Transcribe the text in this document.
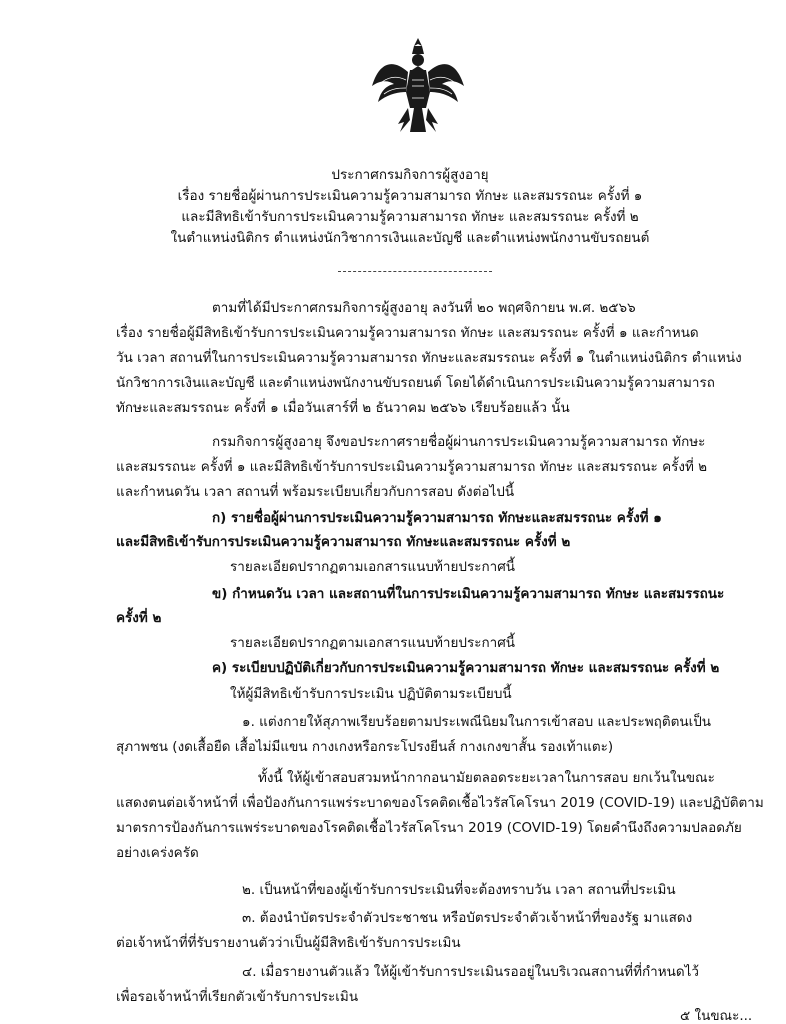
ประกาศกรมกิจการผู้สูงอายุ
เรื่อง รายชื่อผู้ผ่านการประเมินความรู้ความสามารถ ทักษะ และสมรรถนะ ครั้งที่ ๑
และมีสิทธิเข้ารับการประเมินความรู้ความสามารถ ทักษะ และสมรรถนะ ครั้งที่ ๒
ในตำแหน่งนิติกร ตำแหน่งนักวิชาการเงินและบัญชี และตำแหน่งพนักงานขับรถยนต์
ตามที่ได้มีประกาศกรมกิจการผู้สูงอายุ ลงวันที่ ๒๐ พฤศจิกายน พ.ศ. ๒๕๖๖
เรื่อง รายชื่อผู้มีสิทธิเข้ารับการประเมินความรู้ความสามารถ ทักษะ และสมรรถนะ ครั้งที่ ๑ และกำหนด
วัน เวลา สถานที่ในการประเมินความรู้ความสามารถ ทักษะและสมรรถนะ ครั้งที่ ๑ ในตำแหน่งนิติกร ตำแหน่ง
นักวิชาการเงินและบัญชี และตำแหน่งพนักงานขับรถยนต์ โดยได้ดำเนินการประเมินความรู้ความสามารถ
ทักษะและสมรรถนะ ครั้งที่ ๑ เมื่อวันเสาร์ที่ ๒ ธันวาคม ๒๕๖๖ เรียบร้อยแล้ว นั้น
กรมกิจการผู้สูงอายุ จึงขอประกาศรายชื่อผู้ผ่านการประเมินความรู้ความสามารถ ทักษะ
และสมรรถนะ ครั้งที่ ๑ และมีสิทธิเข้ารับการประเมินความรู้ความสามารถ ทักษะ และสมรรถนะ ครั้งที่ ๒
และกำหนดวัน เวลา สถานที่ พร้อมระเบียบเกี่ยวกับการสอบ ดังต่อไปนี้
ก) รายชื่อผู้ผ่านการประเมินความรู้ความสามารถ ทักษะและสมรรถนะ ครั้งที่ ๑
และมีสิทธิเข้ารับการประเมินความรู้ความสามารถ ทักษะและสมรรถนะ ครั้งที่ ๒
รายละเอียดปรากฏตามเอกสารแนบท้ายประกาศนี้
ข) กำหนดวัน เวลา และสถานที่ในการประเมินความรู้ความสามารถ ทักษะ และสมรรถนะ
ครั้งที่ ๒
รายละเอียดปรากฏตามเอกสารแนบท้ายประกาศนี้
ค) ระเบียบปฏิบัติเกี่ยวกับการประเมินความรู้ความสามารถ ทักษะ และสมรรถนะ ครั้งที่ ๒
ให้ผู้มีสิทธิเข้ารับการประเมิน ปฏิบัติตามระเบียบนี้
๑. แต่งกายให้สุภาพเรียบร้อยตามประเพณีนิยมในการเข้าสอบ และประพฤติตนเป็น
สุภาพชน (งดเสื้อยืด เสื้อไม่มีแขน กางเกงหรือกระโปรงยีนส์ กางเกงขาสั้น รองเท้าแตะ)
ทั้งนี้ ให้ผู้เข้าสอบสวมหน้ากากอนามัยตลอดระยะเวลาในการสอบ ยกเว้นในขณะ
แสดงตนต่อเจ้าหน้าที่ เพื่อป้องกันการแพร่ระบาดของโรคติดเชื้อไวรัสโคโรนา 2019 (COVID-19) และปฏิบัติตาม
มาตรการป้องกันการแพร่ระบาดของโรคติดเชื้อไวรัสโคโรนา 2019 (COVID-19) โดยคำนึงถึงความปลอดภัย
อย่างเคร่งครัด
๒. เป็นหน้าที่ของผู้เข้ารับการประเมินที่จะต้องทราบวัน เวลา สถานที่ประเมิน
๓. ต้องนำบัตรประจำตัวประชาชน หรือบัตรประจำตัวเจ้าหน้าที่ของรัฐ มาแสดง
ต่อเจ้าหน้าที่ที่รับรายงานตัวว่าเป็นผู้มีสิทธิเข้ารับการประเมิน
๔. เมื่อรายงานตัวแล้ว ให้ผู้เข้ารับการประเมินรออยู่ในบริเวณสถานที่ที่กำหนดไว้
เพื่อรอเจ้าหน้าที่เรียกตัวเข้ารับการประเมิน
๕ ในขณะ...
